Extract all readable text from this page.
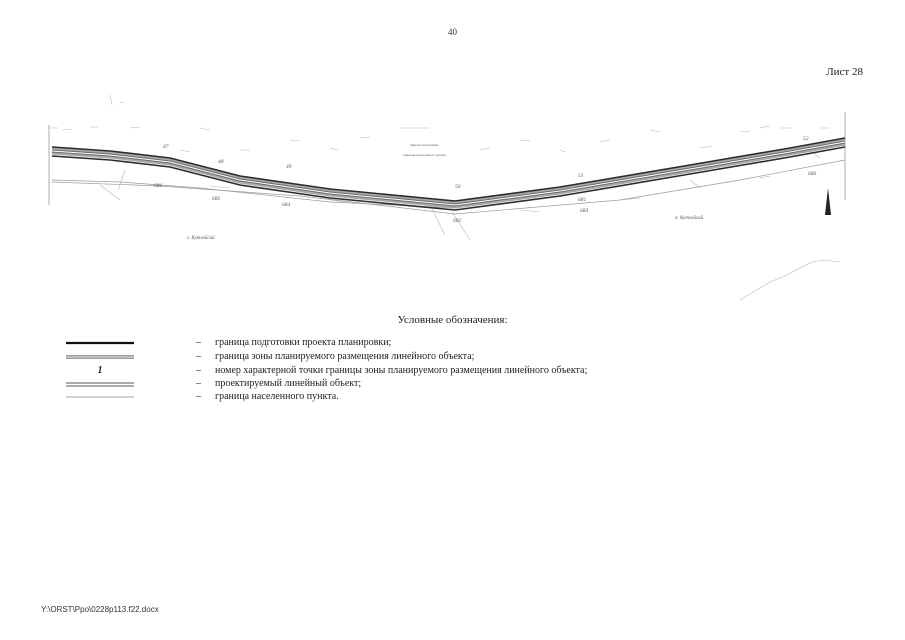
40
Лист 28
47
48
49
50
51
52
680
681
682
683
684
685
686
г. Кутлейсий
п. Кутлейсий
Заречинский район
Граница населенного пункта
Условные обозначения:
– граница подготовки проекта планировки;
– граница зоны планируемого размещения линейного объекта;
1	– номер характерной точки границы зоны планируемого размещения линейного объекта;
– проектируемый линейный объект;
– граница населенного пункта.
Y:\ORST\Ppo\0228p113.f22.docx
